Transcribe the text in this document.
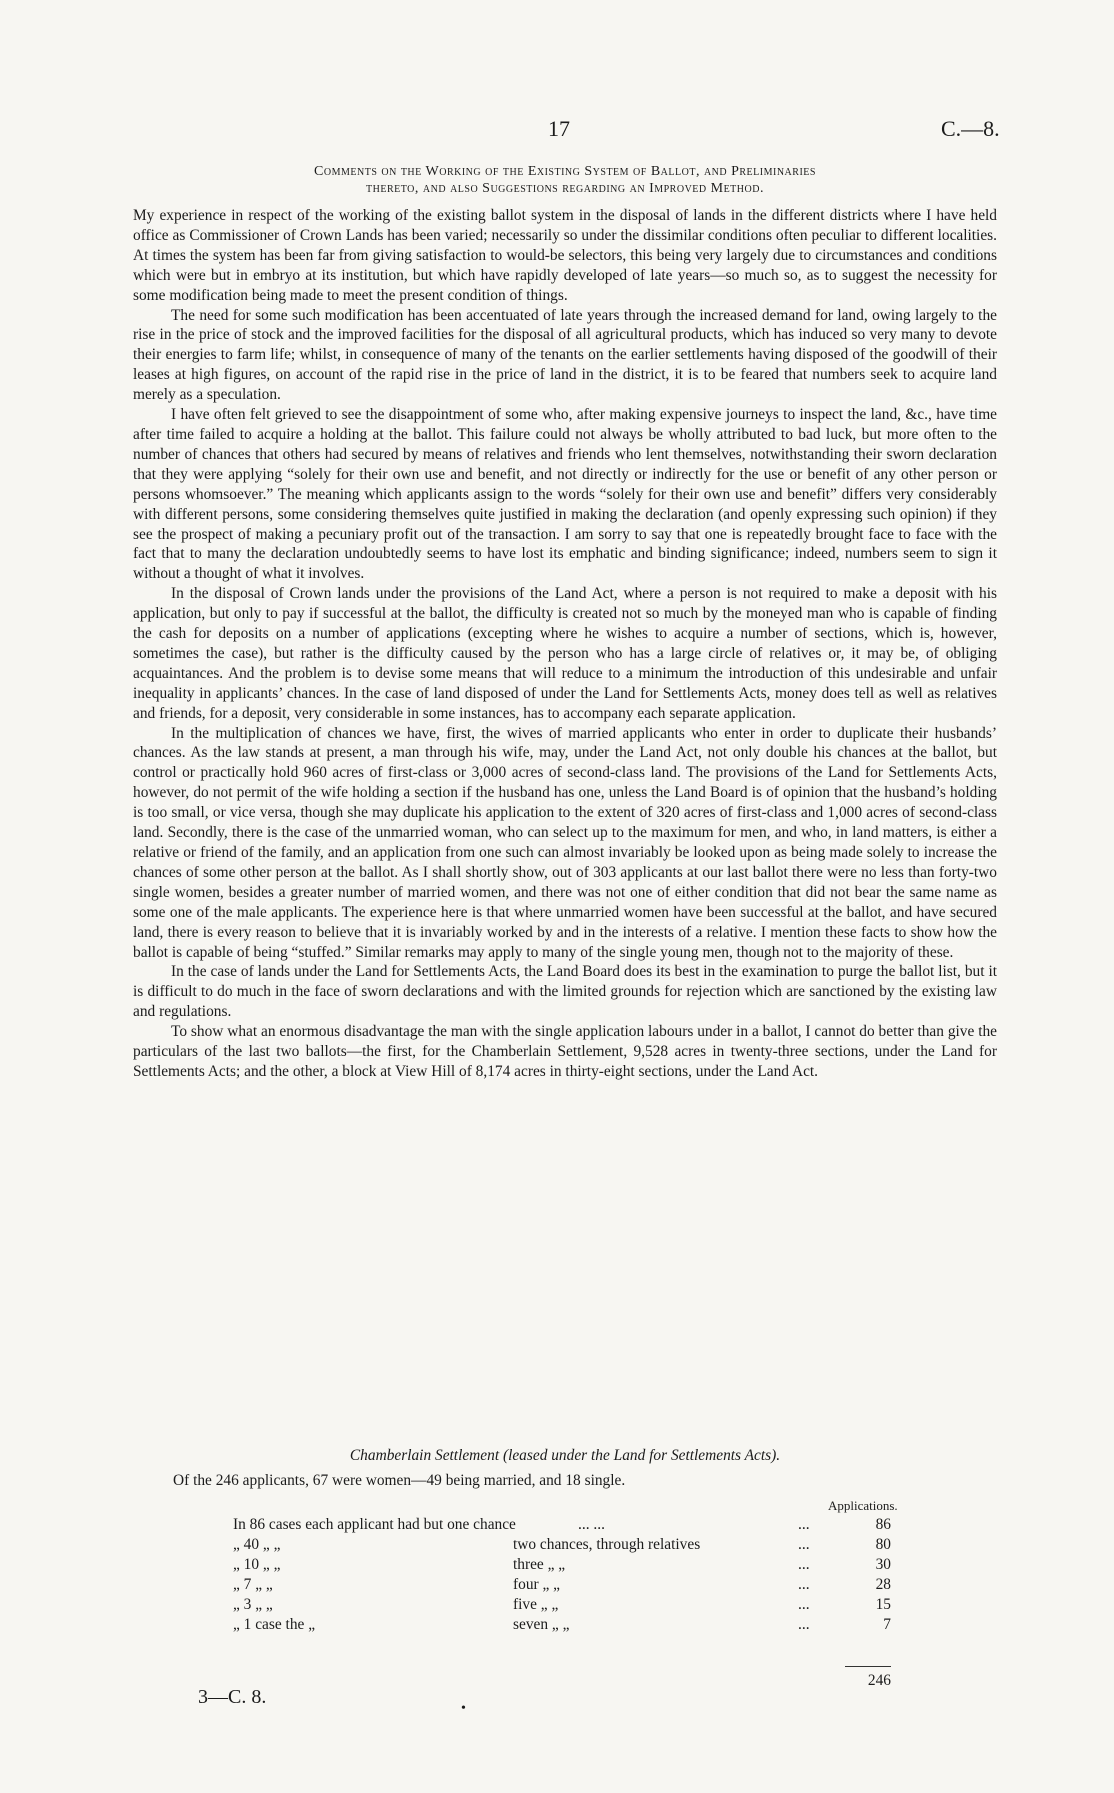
17	C.—8.
Comments on the Working of the Existing System of Ballot, and Preliminaries
thereto, and also Suggestions regarding an Improved Method.

My experience in respect of the working of the existing ballot system in the disposal of lands in the different districts where I have held office as Commissioner of Crown Lands has been varied; necessarily so under the dissimilar conditions often peculiar to different localities. At times the system has been far from giving satisfaction to would-be selectors, this being very largely due to circumstances and conditions which were but in embryo at its institution, but which have rapidly developed of late years—so much so, as to suggest the necessity for some modification being made to meet the present condition of things.

The need for some such modification has been accentuated of late years through the increased demand for land, owing largely to the rise in the price of stock and the improved facilities for the disposal of all agricultural products, which has induced so very many to devote their energies to farm life; whilst, in consequence of many of the tenants on the earlier settlements having disposed of the goodwill of their leases at high figures, on account of the rapid rise in the price of land in the district, it is to be feared that numbers seek to acquire land merely as a speculation.

I have often felt grieved to see the disappointment of some who, after making expensive journeys to inspect the land, &c., have time after time failed to acquire a holding at the ballot. This failure could not always be wholly attributed to bad luck, but more often to the number of chances that others had secured by means of relatives and friends who lent themselves, notwithstanding their sworn declaration that they were applying “solely for their own use and benefit, and not directly or indirectly for the use or benefit of any other person or persons whomsoever.” The meaning which applicants assign to the words “solely for their own use and benefit” differs very considerably with different persons, some considering themselves quite justified in making the declaration (and openly expressing such opinion) if they see the prospect of making a pecuniary profit out of the transaction. I am sorry to say that one is repeatedly brought face to face with the fact that to many the declaration undoubtedly seems to have lost its emphatic and binding significance; indeed, numbers seem to sign it without a thought of what it involves.

In the disposal of Crown lands under the provisions of the Land Act, where a person is not required to make a deposit with his application, but only to pay if successful at the ballot, the difficulty is created not so much by the moneyed man who is capable of finding the cash for deposits on a number of applications (excepting where he wishes to acquire a number of sections, which is, however, sometimes the case), but rather is the difficulty caused by the person who has a large circle of relatives or, it may be, of obliging acquaintances. And the problem is to devise some means that will reduce to a minimum the introduction of this undesirable and unfair inequality in applicants’ chances. In the case of land disposed of under the Land for Settlements Acts, money does tell as well as relatives and friends, for a deposit, very considerable in some instances, has to accompany each separate application.

In the multiplication of chances we have, first, the wives of married applicants who enter in order to duplicate their husbands’ chances. As the law stands at present, a man through his wife, may, under the Land Act, not only double his chances at the ballot, but control or practically hold 960 acres of first-class or 3,000 acres of second-class land. The provisions of the Land for Settlements Acts, however, do not permit of the wife holding a section if the husband has one, unless the Land Board is of opinion that the husband’s holding is too small, or vice versa, though she may duplicate his application to the extent of 320 acres of first-class and 1,000 acres of second-class land. Secondly, there is the case of the unmarried woman, who can select up to the maximum for men, and who, in land matters, is either a relative or friend of the family, and an application from one such can almost invariably be looked upon as being made solely to increase the chances of some other person at the ballot. As I shall shortly show, out of 303 applicants at our last ballot there were no less than forty-two single women, besides a greater number of married women, and there was not one of either condition that did not bear the same name as some one of the male applicants. The experience here is that where unmarried women have been successful at the ballot, and have secured land, there is every reason to believe that it is invariably worked by and in the interests of a relative. I mention these facts to show how the ballot is capable of being “stuffed.” Similar remarks may apply to many of the single young men, though not to the majority of these.

In the case of lands under the Land for Settlements Acts, the Land Board does its best in the examination to purge the ballot list, but it is difficult to do much in the face of sworn declarations and with the limited grounds for rejection which are sanctioned by the existing law and regulations.

To show what an enormous disadvantage the man with the single application labours under in a ballot, I cannot do better than give the particulars of the last two ballots—the first, for the Chamberlain Settlement, 9,528 acres in twenty-three sections, under the Land for Settlements Acts; and the other, a block at View Hill of 8,174 acres in thirty-eight sections, under the Land Act.

Chamberlain Settlement (leased under the Land for Settlements Acts).
Of the 246 applicants, 67 were women—49 being married, and 18 single.
Applications.
In 86 cases each applicant had but one chance	... ...	...	86
„ 40 „ „	two chances, through relatives	...	80
„ 10 „ „	three „ „	...	30
„ 7 „ „	four „ „	...	28
„ 3 „ „	five „ „	...	15
„ 1 case the „	seven „ „	...	7
246
3—C. 8.
•
